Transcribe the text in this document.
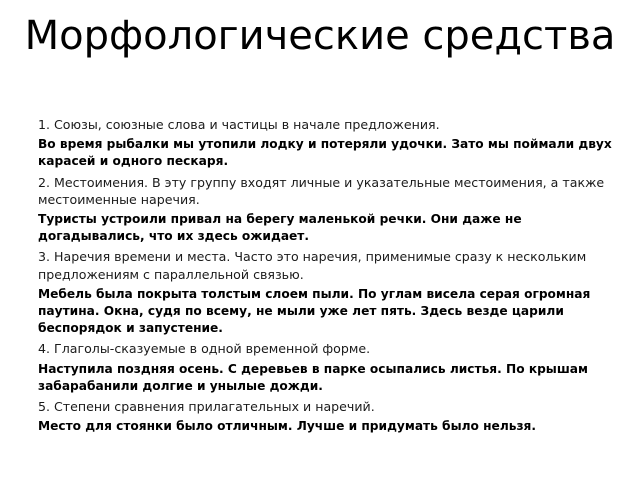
Морфологические средства

1. Союзы, союзные слова и частицы в начале предложения.

Во время рыбалки мы утопили лодку и потеряли удочки. Зато мы поймали двух карасей и одного пескаря.

2. Местоимения. В эту группу входят личные и указательные местоимения, а также местоименные наречия.

Туристы устроили привал на берегу маленькой речки. Они даже не догадывались, что их здесь ожидает.

3. Наречия времени и места. Часто это наречия, применимые сразу к нескольким предложениям с параллельной связью.

Мебель была покрыта толстым слоем пыли. По углам висела серая огромная паутина. Окна, судя по всему, не мыли уже лет пять. Здесь везде царили беспорядок и запустение.

4. Глаголы-сказуемые в одной временной форме.

Наступила поздняя осень. С деревьев в парке осыпались листья. По крышам забарабанили долгие и унылые дожди.

5. Степени сравнения прилагательных и наречий.

Место для стоянки было отличным. Лучше и придумать было нельзя.
